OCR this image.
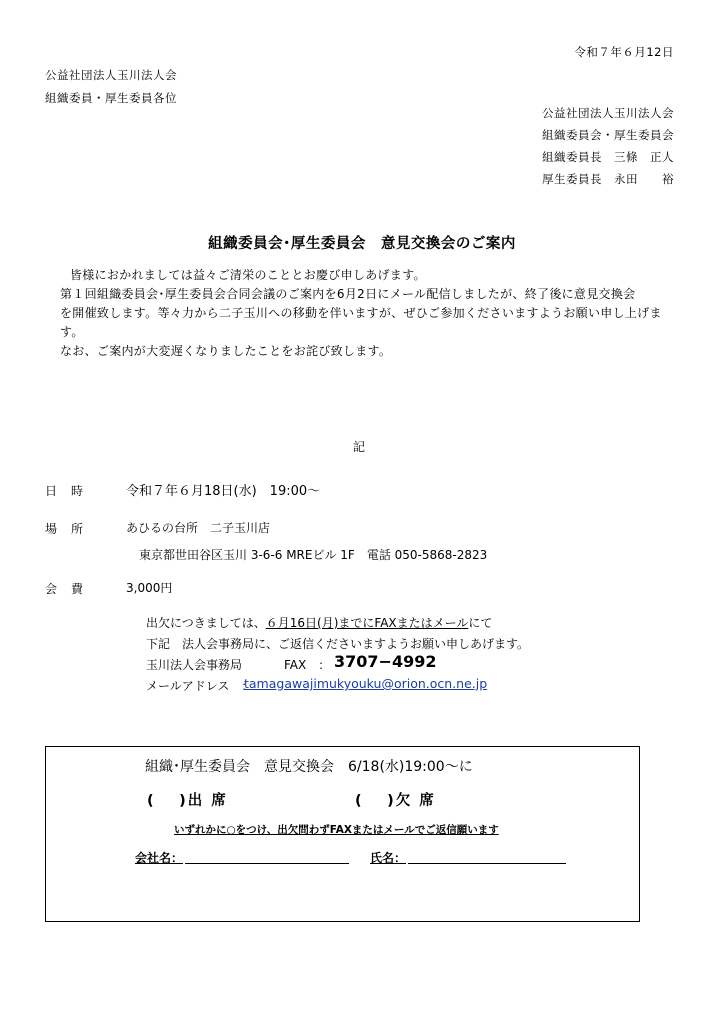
令和７年６月12日
公益社団法人玉川法人会
組織委員・厚生委員各位
公益社団法人玉川法人会
組織委員会・厚生委員会
組織委員長　三條　正人
厚生委員長　永田　　裕
組織委員会･厚生委員会　意見交換会のご案内
皆様におかれましては益々ご清栄のこととお慶び申しあげます。
第１回組織委員会･厚生委員会合同会議のご案内を6月2日にメール配信しましたが、終了後に意見交換会
を開催致します。等々力から二子玉川への移動を伴いますが、ぜひご参加くださいますようお願い申し上げま
す。
なお、ご案内が大変遅くなりましたことをお詫び致します。
記
日　時	令和７年６月18日(水)　19:00～
場　所	あひるの台所　二子玉川店
東京都世田谷区玉川 3-6-6 MREビル 1F　電話 050-5868-2823
会　費	3,000円
出欠につきましては、６月16日(月)までにFAXまたはメールにて
下記　法人会事務局に、ご返信くださいますようお願い申しあげます。
玉川法人会事務局	FAX　： 3707−4992
メールアドレス　：
tamagawajimukyouku@orion.ocn.ne.jp
組織･厚生委員会　意見交換会　6/18(水)19:00～に
(　 )出 席	(　 )欠 席
いずれかに○をつけ、出欠問わずFAXまたはメールでご返信願います
会社名：	氏名：
